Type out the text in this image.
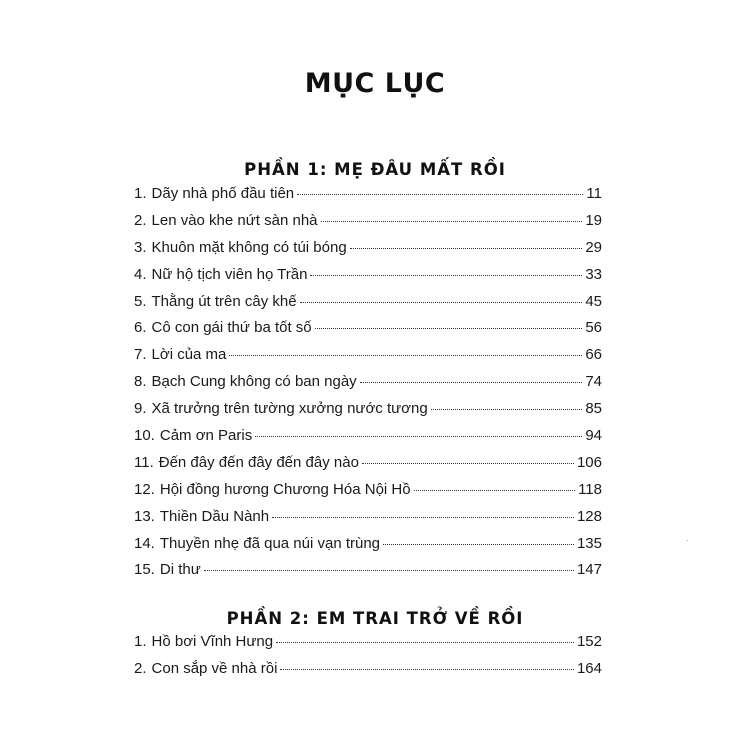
MỤC LỤC
PHẦN 1: MẸ ĐÂU MẤT RỒI
1. Dãy nhà phố đầu tiên	11
2. Len vào khe nứt sàn nhà	19
3. Khuôn mặt không có túi bóng	29
4. Nữ hộ tịch viên họ Trần	33
5. Thằng út trên cây khế	45
6. Cô con gái thứ ba tốt số	56
7. Lời của ma	66
8. Bạch Cung không có ban ngày	74
9. Xã trưởng trên tường xưởng nước tương	85
10. Cảm ơn Paris	94
11. Đến đây đến đây đến đây nào	106
12. Hội đồng hương Chương Hóa Nội Hồ	118
13. Thiền Dầu Nành	128
14. Thuyền nhẹ đã qua núi vạn trùng	135
15. Di thư	147
PHẦN 2: EM TRAI TRỞ VỀ RỒI
1. Hồ bơi Vĩnh Hưng	152
2. Con sắp về nhà rồi	164
